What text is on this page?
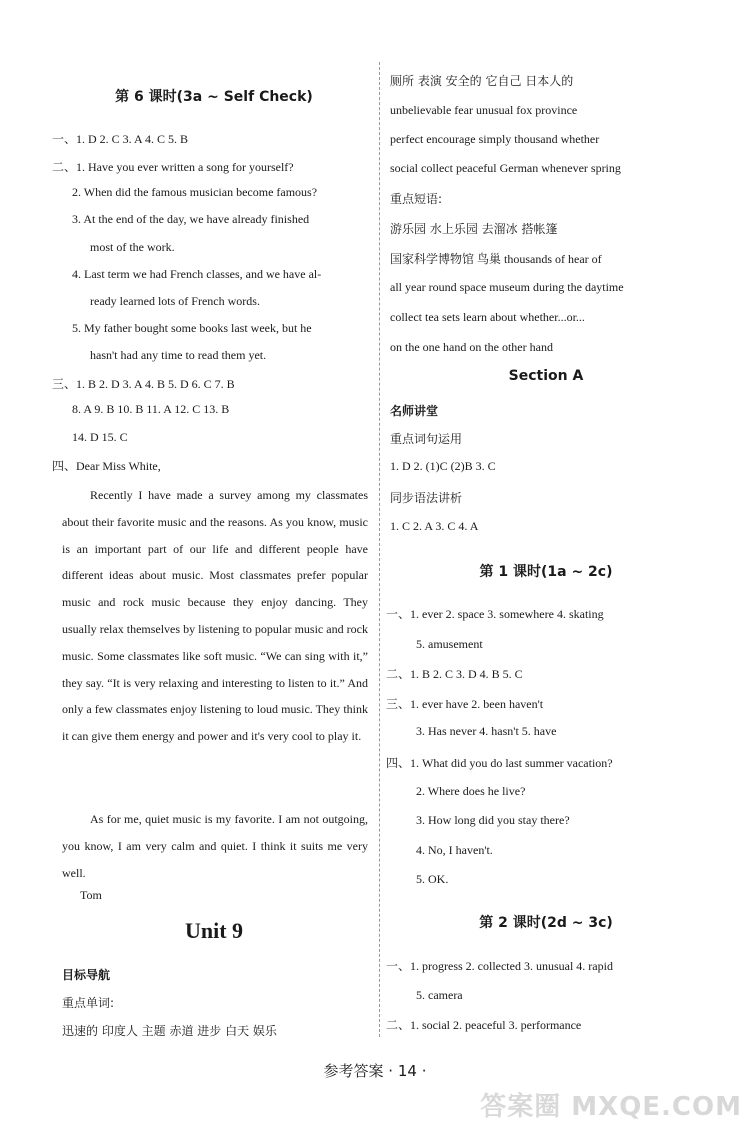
第 6 课时(3a ~ Self Check)
一、1. D 2. C 3. A 4. C 5. B
二、1. Have you ever written a song for yourself?
2. When did the famous musician become famous?
3. At the end of the day, we have already finished
most of the work.
4. Last term we had French classes, and we have al-
ready learned lots of French words.
5. My father bought some books last week, but he
hasn't had any time to read them yet.
三、1. B 2. D 3. A 4. B 5. D 6. C 7. B
8. A 9. B 10. B 11. A 12. C 13. B
14. D 15. C
四、Dear Miss White,

Recently I have made a survey among my classmates about their favorite music and the reasons. As you know, music is an important part of our life and different people have different ideas about music. Most classmates prefer popular music and rock music because they enjoy dancing. They usually relax themselves by listening to popular music and rock music. Some classmates like soft music. “We can sing with it,” they say. “It is very relaxing and interesting to listen to it.” And only a few classmates enjoy listening to loud music. They think it can give them energy and power and it's very cool to play it.

As for me, quiet music is my favorite. I am not outgoing, you know, I am very calm and quiet. I think it suits me very well.

Tom
Unit 9
目标导航
重点单词:
迅速的 印度人 主题 赤道 进步 白天 娱乐
厕所 表演 安全的 它自己 日本人的
unbelievable fear unusual fox province
perfect encourage simply thousand whether
social collect peaceful German whenever spring
重点短语:
游乐园 水上乐园 去溜冰 搭帐篷
国家科学博物馆 鸟巢 thousands of hear of
all year round space museum during the daytime
collect tea sets learn about whether...or...
on the one hand on the other hand
Section A
名师讲堂
重点词句运用
1. D 2. (1)C (2)B 3. C
同步语法讲析
1. C 2. A 3. C 4. A
第 1 课时(1a ~ 2c)
一、1. ever 2. space 3. somewhere 4. skating
5. amusement
二、1. B 2. C 3. D 4. B 5. C
三、1. ever have 2. been haven't
3. Has never 4. hasn't 5. have
四、1. What did you do last summer vacation?
2. Where does he live?
3. How long did you stay there?
4. No, I haven't.
5. OK.
第 2 课时(2d ~ 3c)
一、1. progress 2. collected 3. unusual 4. rapid
5. camera
二、1. social 2. peaceful 3. performance
参考答案 · 14 ·
答案圈 MXQE.COM
